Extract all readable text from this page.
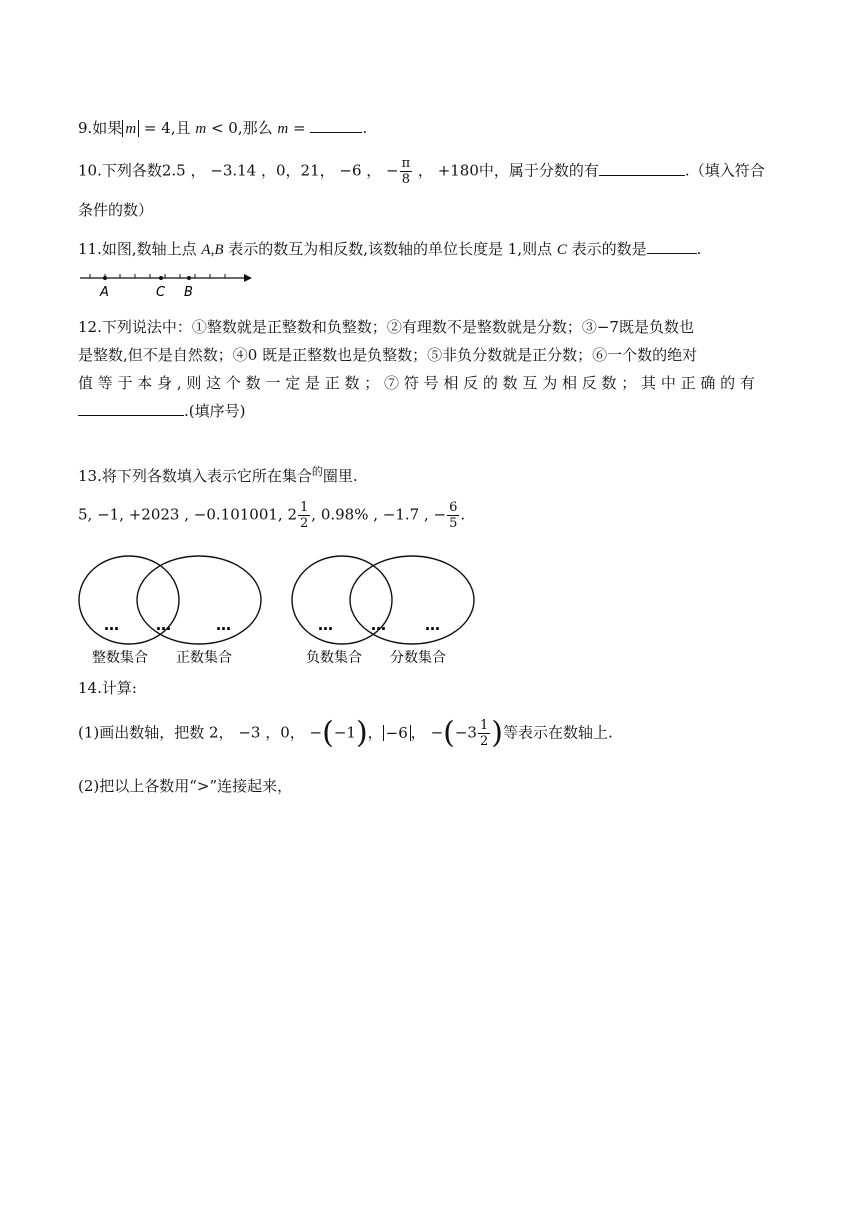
9.如果 m = 4,且 m < 0,那么 m =	.
10.下列各数2.5 ， −3.14 ，0，21， −6 ， − $\frac{\pi}{8}$ ， +180中，属于分数的有	.（填入符合
条件的数）
11.如图,数轴上点 A,B 表示的数互为相反数,该数轴的单位长度是 1,则点 C 表示的数是	.
A	C B
12.下列说法中：①整数就是正整数和负整数；②有理数不是整数就是分数；③−7既是负数也
是整数,但不是自然数；④0 既是正整数也是负整数；⑤非负分数就是正分数；⑥一个数的绝对
值 等 于 本 身 , 则 这 个 数 一 定 是 正 数 ； ⑦ 符 号 相 反 的 数 互 为 相 反 数 ； 其 中 正 确 的 有
.(填序号)
13.将下列各数填入表示它所在集合$^的$圈里.
5, −1, +2023 , −0.101001, $2 \frac{1}{2}$ , 0.98% , −1.7 , − $\frac{6}{5}$ .
… …	…
整数集合 正数集合
…	…	…
负数集合 分数集合
14.计算:
(1)画出数轴，把数 2， −3 ，0， −(−1)， −6 ， $-(-3 \frac{1}{2}$ )等表示在数轴上.
(2)把以上各数用“>”连接起来，
